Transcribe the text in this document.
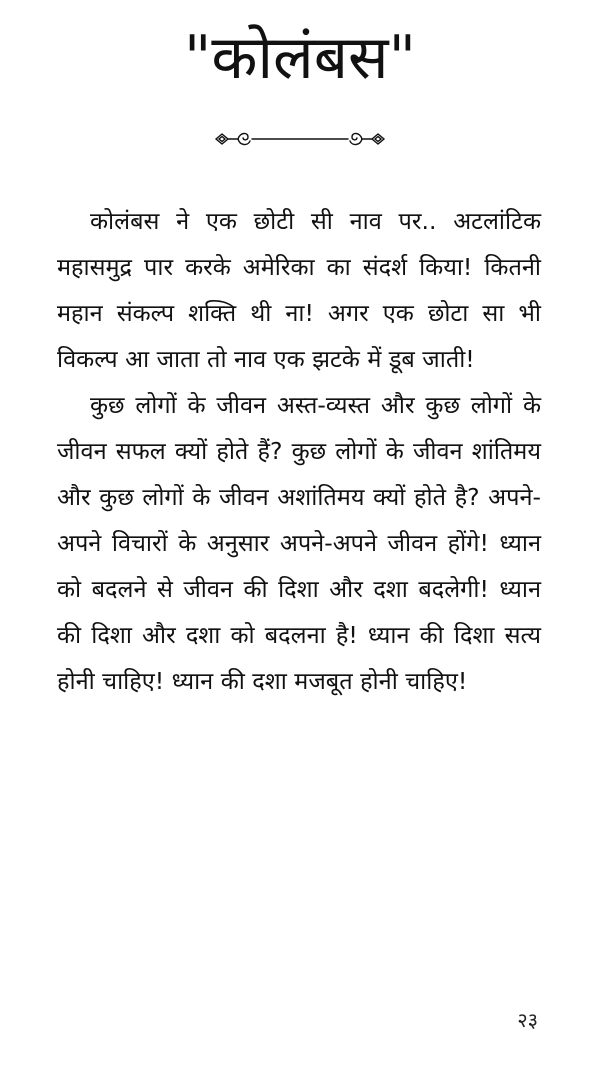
"कोलंबस"

कोलंबस ने एक छोटी सी नाव पर.. अटलांटिक महासमुद्र पार करके अमेरिका का संदर्श किया! कितनी महान संकल्प शक्ति थी ना! अगर एक छोटा सा भी विकल्प आ जाता तो नाव एक झटके में डूब जाती!

कुछ लोगों के जीवन अस्त-व्यस्त और कुछ लोगों के जीवन सफल क्यों होते हैं? कुछ लोगों के जीवन शांतिमय और कुछ लोगों के जीवन अशांतिमय क्यों होते है? अपने-अपने विचारों के अनुसार अपने-अपने जीवन होंगे! ध्यान को बदलने से जीवन की दिशा और दशा बदलेगी! ध्यान की दिशा और दशा को बदलना है! ध्यान की दिशा सत्य होनी चाहिए! ध्यान की दशा मजबूत होनी चाहिए!

२३
